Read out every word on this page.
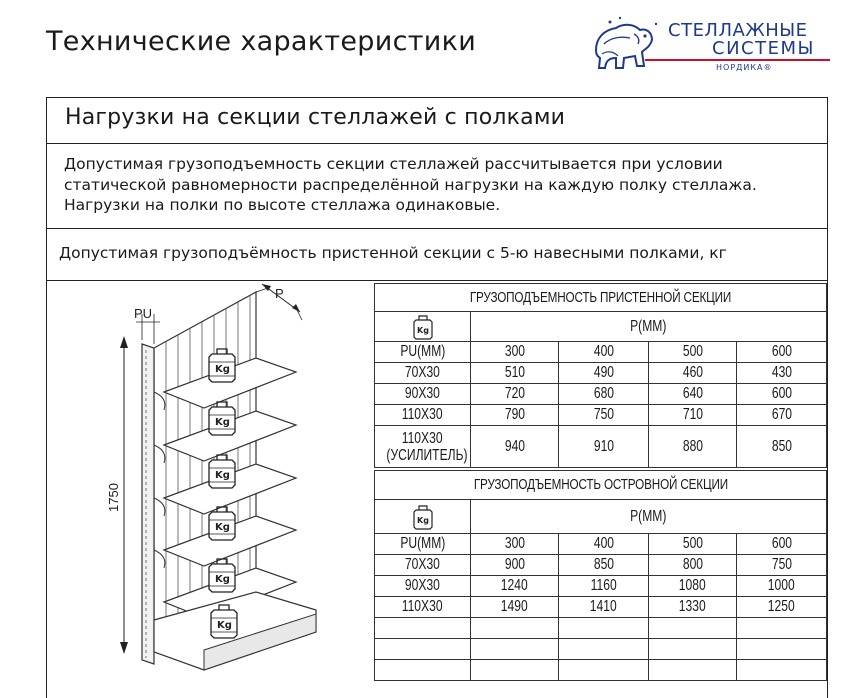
Технические характеристики	СТЕЛЛАЖНЫЕ
СИСТЕМЫ
НОРДИКА®
Нагрузки на секции стеллажей с полками

Допустимая грузоподъемность секции стеллажей рассчитывается при условии
статической равномерности распределённой нагрузки на каждую полку стеллажа.
Нагрузки на полки по высоте стеллажа одинаковые.

Допустимая грузоподъёмность пристенной секции с 5-ю навесными полками, кг
Kg
Kg
Kg
Kg
Kg
Kg
1750
PU
P	ГРУЗОПОДЪЕМНОСТЬ ПРИСТЕННОЙ СЕКЦИИ				

Kg	P(MM)			
PU(MM)	300	400	500	600
70Х30	510	490	460	430
90Х30	720	680	640	600
110Х30	790	750	710	670
110Х30
(УСИЛИТЕЛЬ)	940	910	880	850
ГРУЗОПОДЪЕМНОСТЬ ОСТРОВНОЙ СЕКЦИИ				

Kg	P(MM)			
PU(MM)	300	400	500	600
70Х30	900	850	800	750
90Х30	1240	1160	1080	1000
110Х30	1490	1410	1330	1250
